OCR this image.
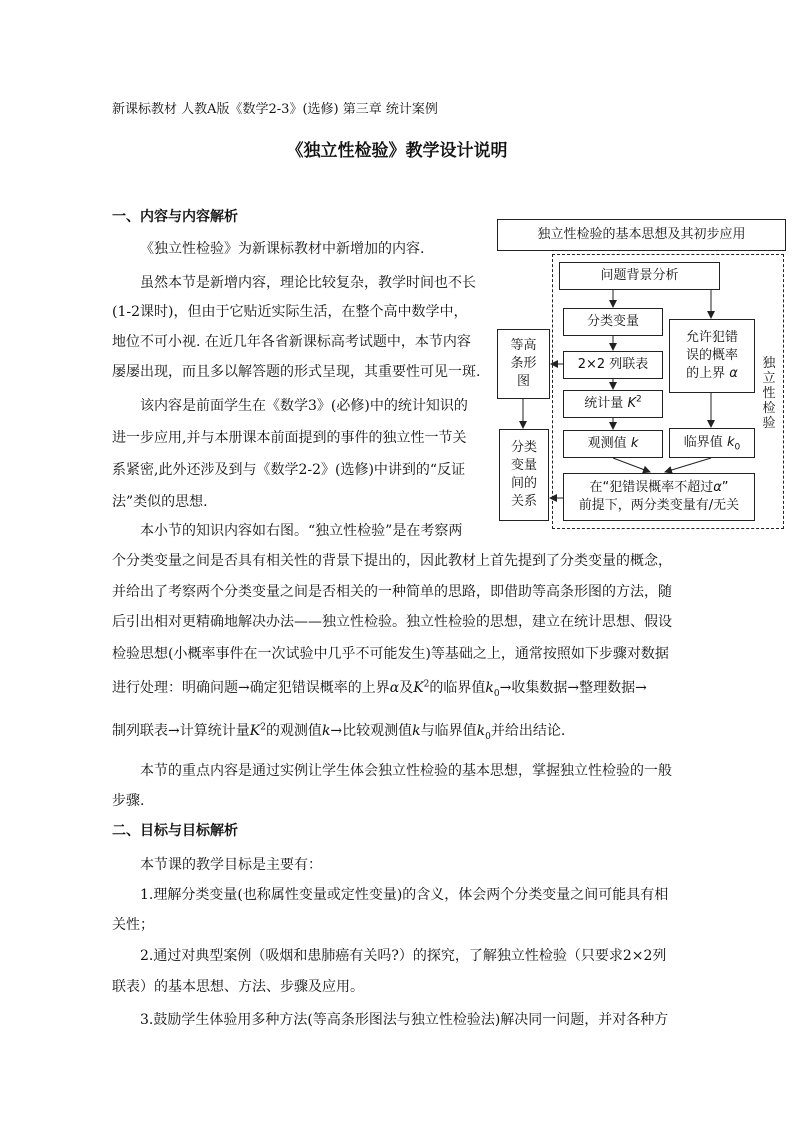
新课标教材 人教A版《数学2-3》(选修) 第三章 统计案例
《独立性检验》教学设计说明
一、内容与内容解析
《独立性检验》为新课标教材中新增加的内容.
虽然本节是新增内容，理论比较复杂，教学时间也不长
(1-2课时)，但由于它贴近实际生活，在整个高中数学中，
地位不可小视. 在近几年各省新课标高考试题中，本节内容
屡屡出现，而且多以解答题的形式呈现，其重要性可见一斑.
该内容是前面学生在《数学3》(必修)中的统计知识的
进一步应用,并与本册课本前面提到的事件的独立性一节关
系紧密,此外还涉及到与《数学2-2》(选修)中讲到的“反证
法”类似的思想.
本小节的知识内容如右图。“独立性检验”是在考察两
个分类变量之间是否具有相关性的背景下提出的，因此教材上首先提到了分类变量的概念，
并给出了考察两个分类变量之间是否相关的一种简单的思路，即借助等高条形图的方法，随
后引出相对更精确地解决办法——独立性检验。独立性检验的思想，建立在统计思想、假设
检验思想(小概率事件在一次试验中几乎不可能发生)等基础之上，通常按照如下步骤对数据
进行处理：明确问题→确定犯错误概率的上界α及$K^2$的临界值$k_0\to$收集数据→整理数据→
制列联表→计算统计量$K^2$的观测值k→比较观测值k与临界值$k_0$并给出结论.
本节的重点内容是通过实例让学生体会独立性检验的基本思想，掌握独立性检验的一般
步骤.
二、目标与目标解析
本节课的教学目标是主要有：
1.理解分类变量(也称属性变量或定性变量)的含义，体会两个分类变量之间可能具有相
关性；
2.通过对典型案例（吸烟和患肺癌有关吗?）的探究，了解独立性检验（只要求2×2列
联表）的基本思想、方法、步骤及应用。
3.鼓励学生体验用多种方法(等高条形图法与独立性检验法)解决同一问题，并对各种方
独立性检验的基本思想及其初步应用
独
立
性
检
验
问题背景分析
分类变量
2×2 列联表
统计量 $K^2$
观测值 k
允许犯错
误的概率
的上界 α
临界值 $k_0$
等高
条形
图
分类
变量
间的
关系
在“犯错误概率不超过α”
前提下，两分类变量有/无关
